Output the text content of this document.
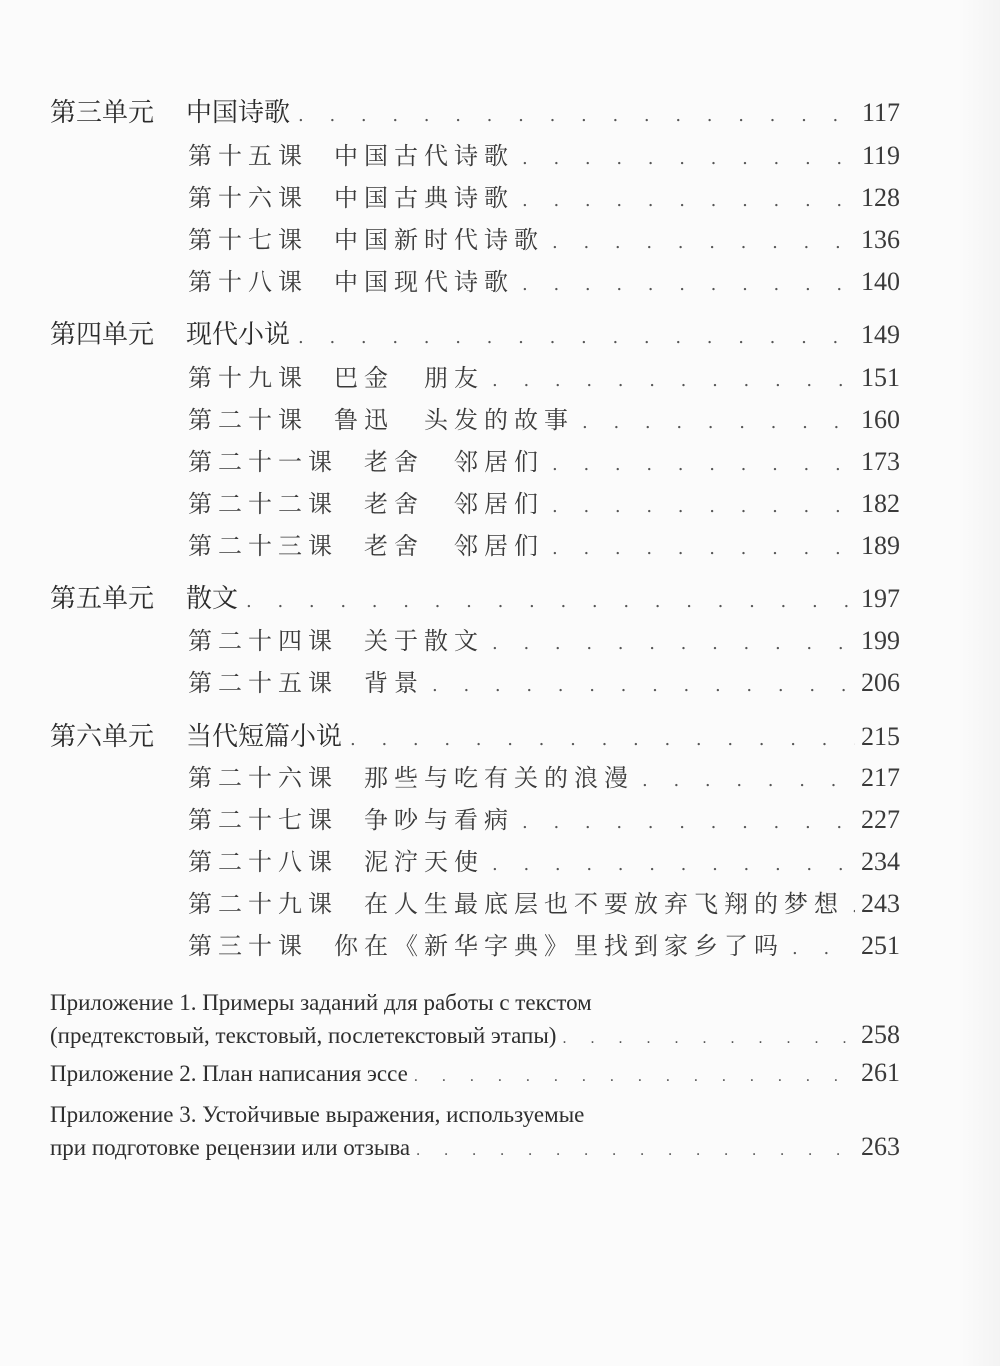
第三单元	中国诗歌 . . .	117
第十五课 中国古代诗歌 . . .	119
第十六课 中国古典诗歌 . . .	128
第十七课 中国新时代诗歌 . . .	136
第十八课 中国现代诗歌 . . .	140
第四单元	现代小说 . . .	149
第十九课 巴金　朋友 . . .	151
第二十课 鲁迅　头发的故事 . . .	160
第二十一课 老舍　邻居们 . . .	173
第二十二课 老舍　邻居们 . . .	182
第二十三课 老舍　邻居们 . . .	189
第五单元	散文 . . .	197
第二十四课 关于散文 . . .	199
第二十五课 背景 . . .	206
第六单元	当代短篇小说 . . .	215
第二十六课 那些与吃有关的浪漫 . . .	217
第二十七课 争吵与看病 . . .	227
第二十八课 泥泞天使 . . .	234
第二十九课 在人生最底层也不要放弃飞翔的梦想 . . . 243
第三十课 你在《新华字典》里找到家乡了吗 . . .	251
Приложение 1. Примеры заданий для работы с текстом
(предтекстовый, текстовый, послетекстовый этапы) . . .	258
Приложение 2. План написания эссе . . .	261
Приложение 3. Устойчивые выражения, используемые
при подготовке рецензии или отзыва . . .	263
